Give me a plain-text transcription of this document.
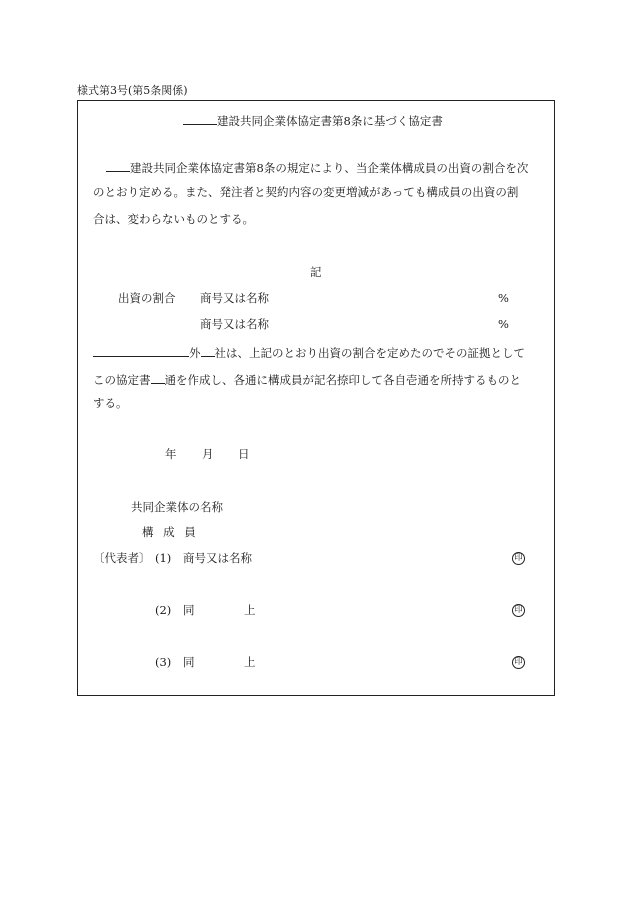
様式第3号(第5条関係)
建設共同企業体協定書第8条に基づく協定書
建設共同企業体協定書第8条の規定により、当企業体構成員の出資の割合を次
のとおり定める。また、発注者と契約内容の変更増減があっても構成員の出資の割
合は、変わらないものとする。
記
出資の割合 商号又は名称	%
商号又は名称	%
外 社は、上記のとおり出資の割合を定めたのでその証拠として
この協定書 通を作成し、各通に構成員が記名捺印して各自壱通を所持するものと
する。
年 月 日
共同企業体の名称
構 成 員
〔代表者〕 (1) 商号又は名称	印
(2) 同	上	印
(3) 同	上	印
